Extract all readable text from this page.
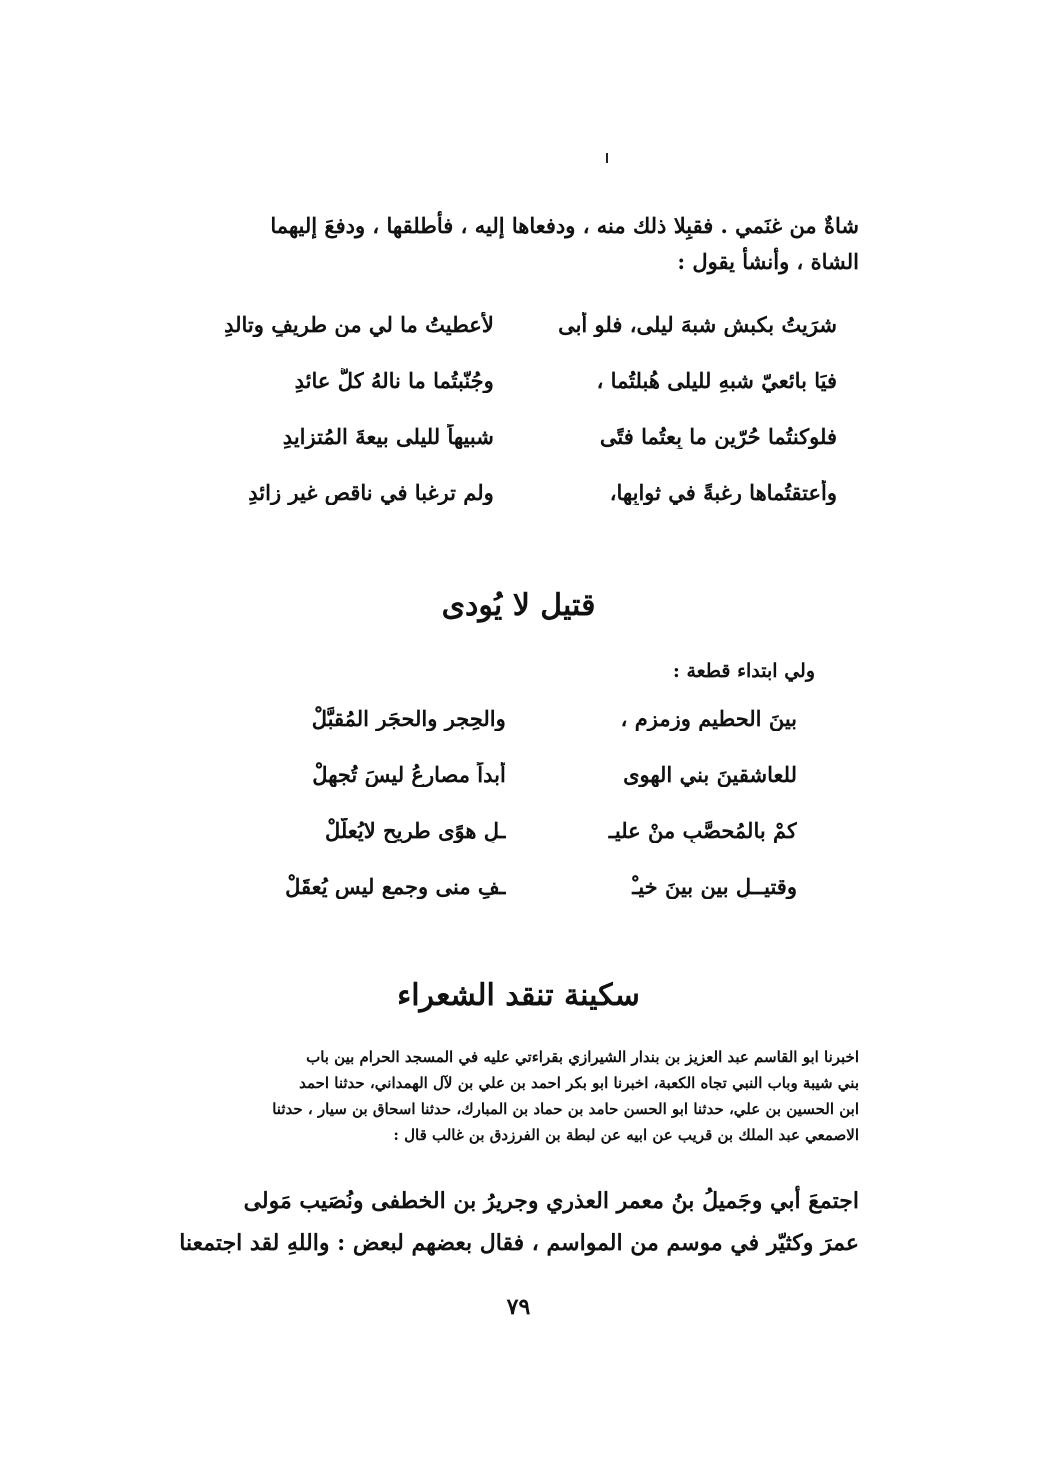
شاةٌ من غنَمي . فقبِلا ذلك منه ، ودفعاها إليه ، فأطلقها ، ودفعَ إليهما

الشاة ، وأنشأ يقول :

شرَيتُ بكبشٍ شبهَ ليلى، فلو أبى
لأعطيتُ ما لي من طريفٍ وتالدِ
فيَا بائعيّ شبهِ لليلى هُبلتُما ،
وجُنّبتُما ما نالهُ كلُّ عائدِ
فلوكنتُما حُرّين ما بِعتُما فتًى
شبيهاً لليلى بيعةَ المُتزايدِ
وأعتقتُماها رغبةً في ثوابِها،
ولم ترغبا في ناقصٍ غيرِ زائدِ
قتيل لا يُودى
ولي ابتداء قطعة :
بينَ الحطيمِ وزمزمِ ،
والحِجرِ والحجَرِ المُقبَّلْ
للعاشقينَ بني الهوى
أبداً مصارعُ ليسَ تُجهلْ
كمْ بالمُحصَّبِ منْ عليـ
ـلٍ هوًى طريحٍ لايُعلّلْ
وقتيــلِ بينٍ بينَ خيـْ
ـفِ منى وجمعٍ ليس يُعقَلْ
سكينة تنقد الشعراء

اخبرنا ابو القاسم عبد العزيز بن بندار الشيرازي بقراءتي عليه في المسجد الحرام بين باب

بني شيبة وباب النبي تجاه الكعبة، اخبرنا ابو بكر احمد بن علي بن لآل الهمداني، حدثنا احمد

ابن الحسين بن علي، حدثنا ابو الحسن حامد بن حماد بن المبارك، حدثنا اسحاق بن سيار ، حدثنا

الاصمعي عبد الملك بن قريب عن ابيه عن لبطة بن الفرزدق بن غالب قال :

اجتمعَ أبي وجَميلُ بنُ معمر العذري وجريرُ بن الخطفى ونُصَيب مَولى

عمرَ وكثيّر في موسم من المواسم ، فقال بعضهم لبعض : واللهِ لقد اجتمعنا

٧٩
